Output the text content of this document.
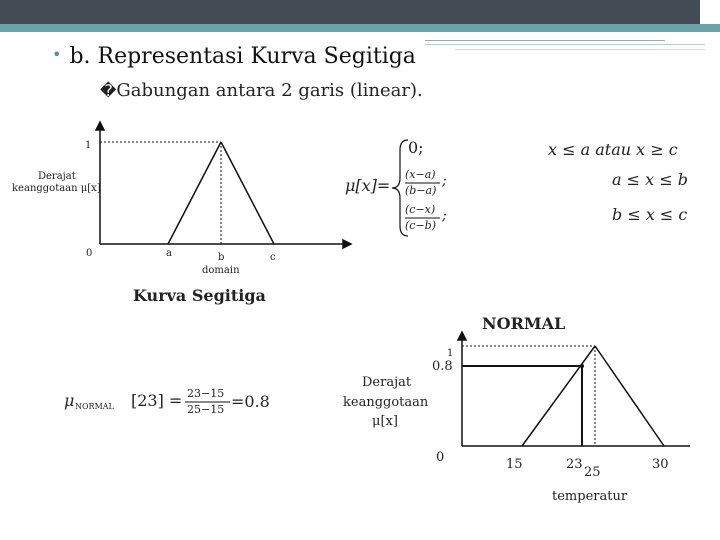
• b. Representasi Kurva Segitiga
�Gabungan antara 2 garis (linear).
1
Derajat
keanggotaan μ[x]
0	a	b	c
domain
Kurva Segitiga
μ[x]=
0;
(x−a)
(b−a)
;
(c−x)
(c−b)
;
x ≤ a atau x ≥ c
a ≤ x ≤ b
b ≤ x ≤ c
NORMAL
1
0.8
Derajat
keanggotaan
μ[x]
0	15	23
25
30
temperatur
μ NORMAL [23] = 23−15
25−15 =0.8
